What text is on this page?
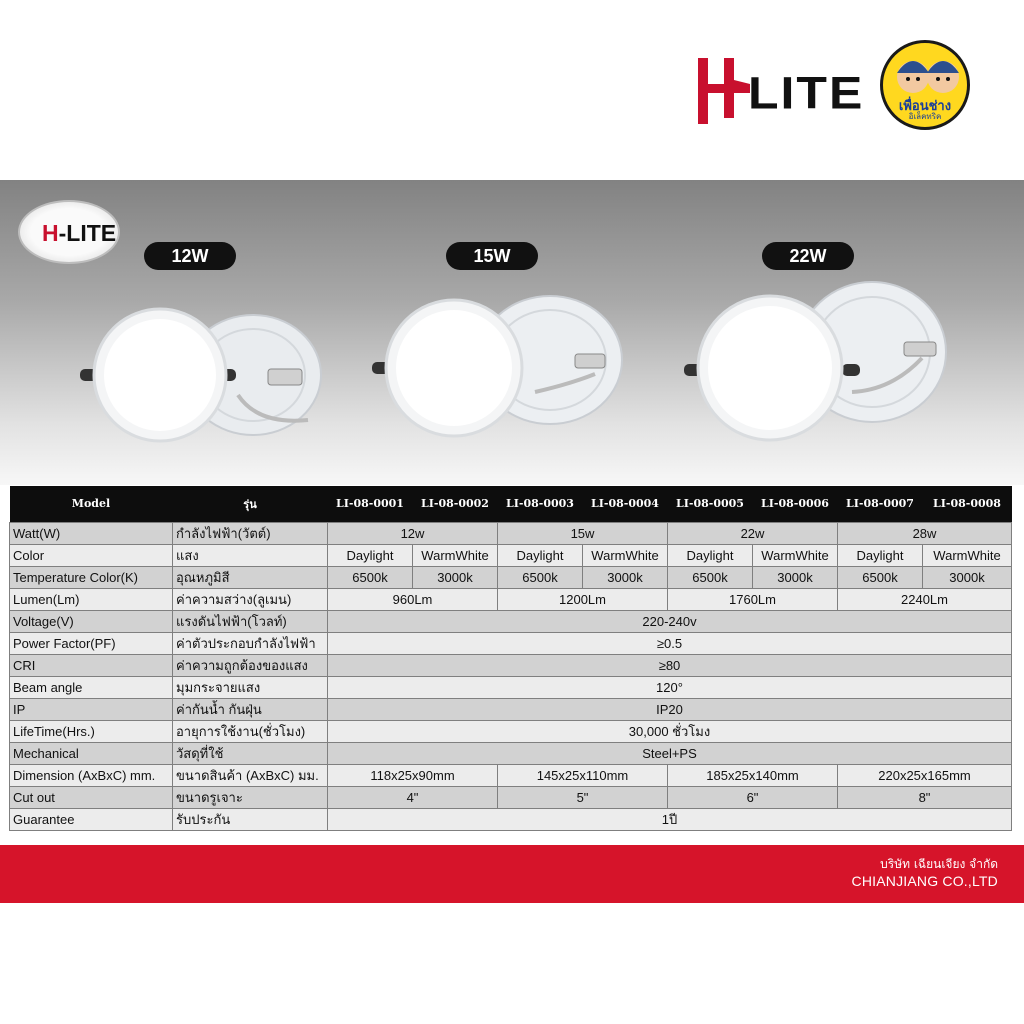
LITE	เพื่อนช่าง
อิเล็คทริค
H-LITE
12W	15W	22W
Model	รุ่น	LI-08-0001	LI-08-0002	LI-08-0003	LI-08-0004	LI-08-0005	LI-08-0006	LI-08-0007	LI-08-0008
Watt(W)	กำลังไฟฟ้า(วัตต์)	12w		15w		22w		28w	
Color	แสง	Daylight	WarmWhite	Daylight	WarmWhite	Daylight	WarmWhite	Daylight	WarmWhite
Temperature Color(K)	อุณหภูมิสี	6500k	3000k	6500k	3000k	6500k	3000k	6500k	3000k
Lumen(Lm)	ค่าความสว่าง(ลูเมน)	960Lm		1200Lm		1760Lm		2240Lm	
Voltage(V)	แรงดันไฟฟ้า(โวลท์)	220-240v							
Power Factor(PF)	ค่าตัวประกอบกำลังไฟฟ้า	≥0.5							
CRI	ค่าความถูกต้องของแสง	≥80							
Beam angle	มุมกระจายแสง	120°							
IP	ค่ากันน้ำ กันฝุ่น	IP20							
LifeTime(Hrs.)	อายุการใช้งาน(ชั่วโมง)	30,000 ชั่วโมง							
Mechanical	วัสดุที่ใช้	Steel+PS							
Dimension (AxBxC) mm.	ขนาดสินค้า (AxBxC) มม.	118x25x90mm		145x25x110mm		185x25x140mm		220x25x165mm	
Cut out	ขนาดรูเจาะ	4"		5"		6"		8"	
Guarantee	รับประกัน	1ปี							
บริษัท เฉียนเจียง จำกัด
CHIANJIANG CO.,LTD
